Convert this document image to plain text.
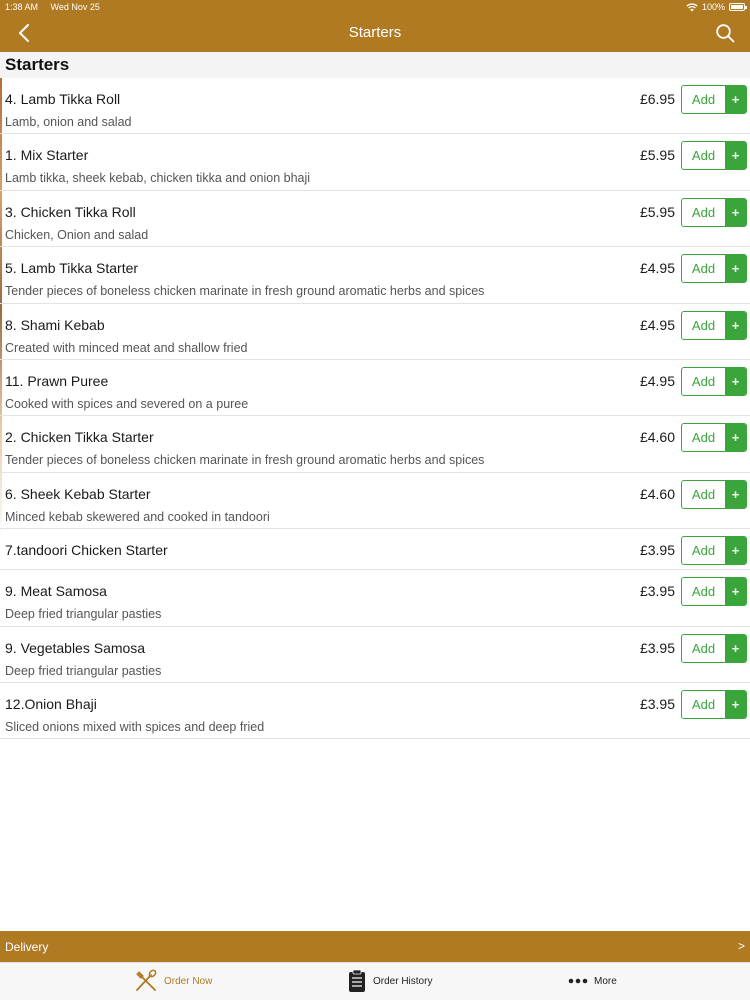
1:38 AM Wed Nov 25	100%
Starters
Starters
4. Lamb Tikka Roll
Lamb, onion and salad
£6.95	Add	+
1. Mix Starter
Lamb tikka, sheek kebab, chicken tikka and onion bhaji
£5.95	Add	+
3. Chicken Tikka Roll
Chicken, Onion and salad
£5.95	Add	+
5. Lamb Tikka Starter
Tender pieces of boneless chicken marinate in fresh ground aromatic herbs and spices
£4.95	Add	+
8. Shami Kebab
Created with minced meat and shallow fried
£4.95	Add	+
11. Prawn Puree
Cooked with spices and severed on a puree
£4.95	Add	+
2. Chicken Tikka Starter
Tender pieces of boneless chicken marinate in fresh ground aromatic herbs and spices
£4.60	Add	+
6. Sheek Kebab Starter
Minced kebab skewered and cooked in tandoori
£4.60	Add	+
7.tandoori Chicken Starter	£3.95	Add	+
9. Meat Samosa
Deep fried triangular pasties
£3.95	Add	+
9. Vegetables Samosa
Deep fried triangular pasties
£3.95	Add	+
12.Onion Bhaji
Sliced onions mixed with spices and deep fried
£3.95	Add	+
Delivery	>
Order Now	Order History	More
